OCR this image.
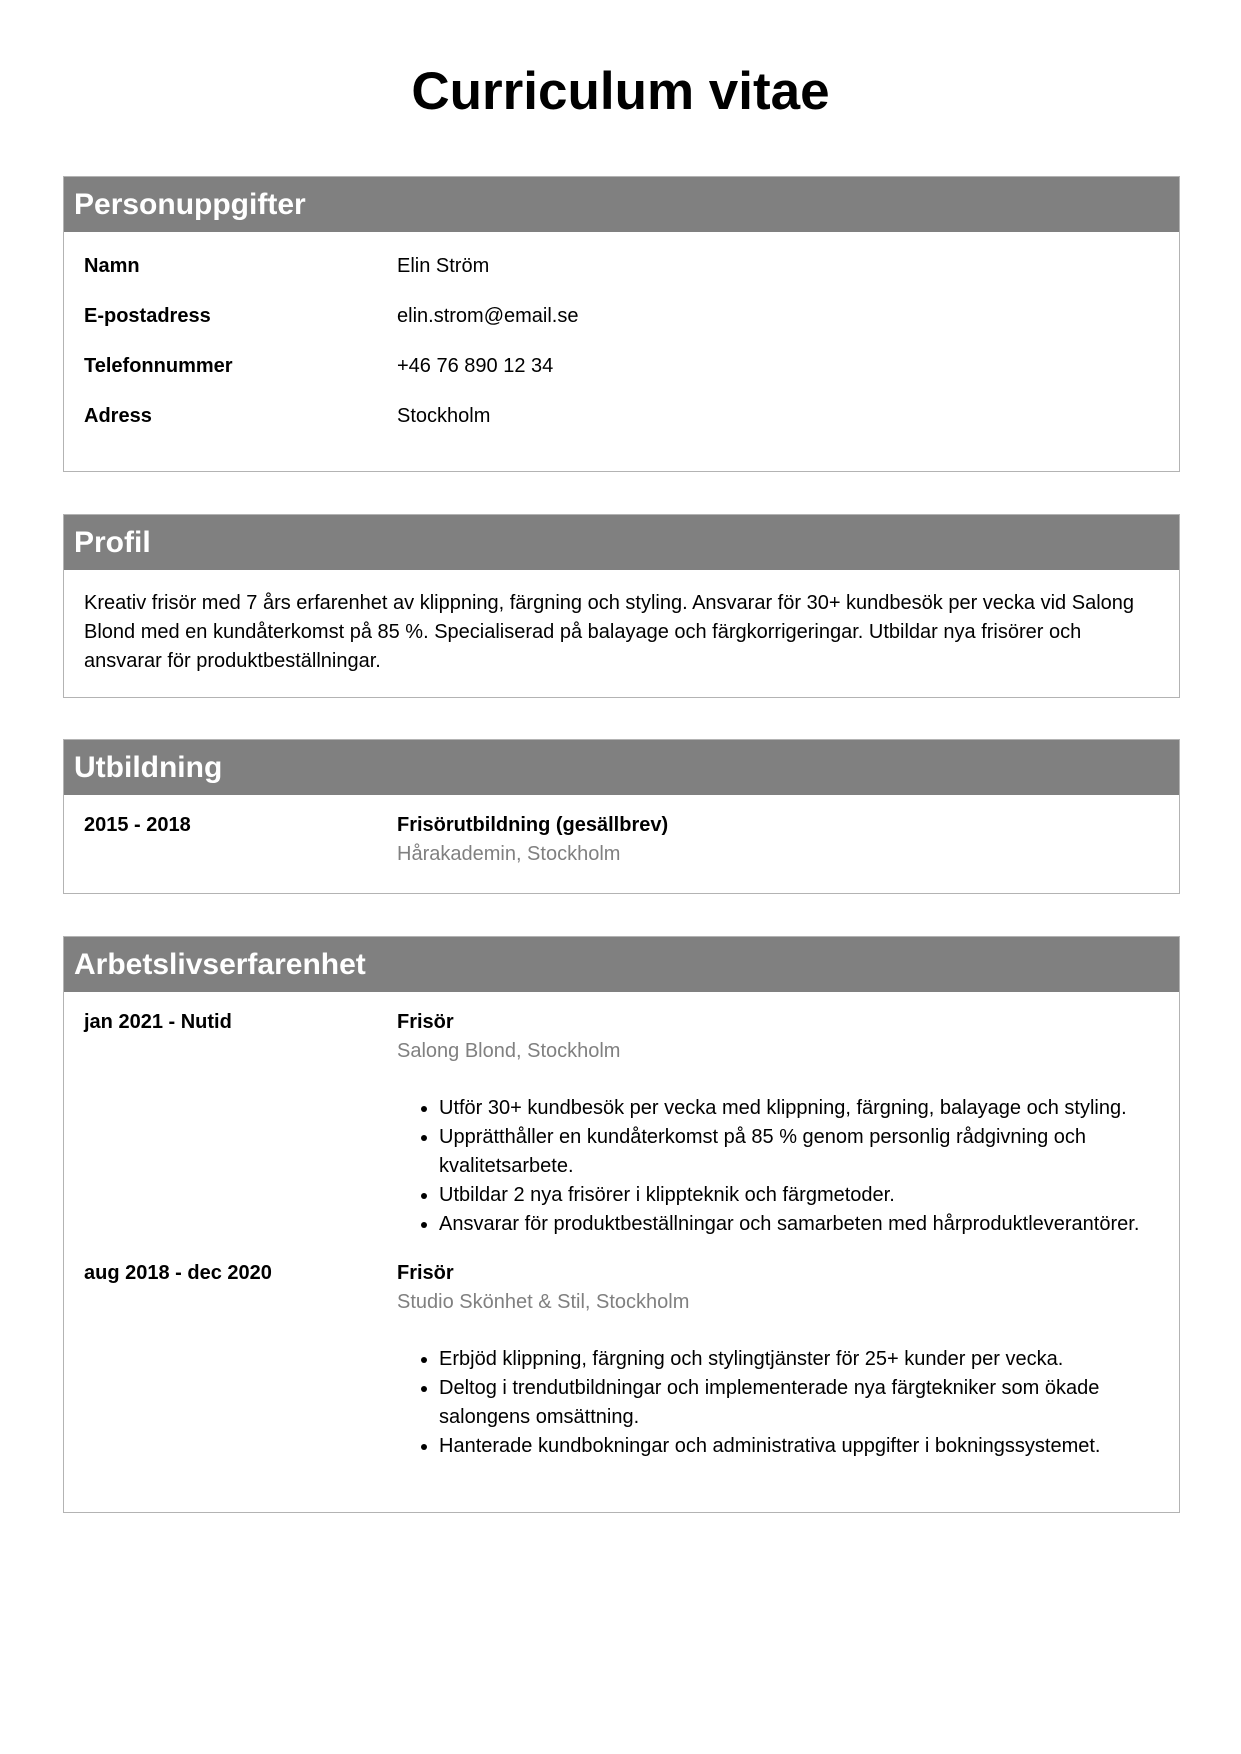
Curriculum vitae
Personuppgifter
Namn	Elin Ström
E-postadress	elin.strom@email.se
Telefonnummer	+46 76 890 12 34
Adress	Stockholm
Profil
Kreativ frisör med 7 års erfarenhet av klippning, färgning och styling. Ansvarar för 30+ kundbesök per vecka vid Salong Blond med en kundåterkomst på 85 %. Specialiserad på balayage och färgkorrigeringar. Utbildar nya frisörer och ansvarar för produktbeställningar.
Utbildning
2015 - 2018	Frisörutbildning (gesällbrev)
Hårakademin, Stockholm
Arbetslivserfarenhet
jan 2021 - Nutid	Frisör
Salong Blond, Stockholm
• Utför 30+ kundbesök per vecka med klippning, färgning, balayage och styling.
• Upprätthåller en kundåterkomst på 85 % genom personlig rådgivning och kvalitetsarbete.
• Utbildar 2 nya frisörer i klippteknik och färgmetoder.
• Ansvarar för produktbeställningar och samarbeten med hårproduktleverantörer.
aug 2018 - dec 2020	Frisör
Studio Skönhet & Stil, Stockholm
• Erbjöd klippning, färgning och stylingtjänster för 25+ kunder per vecka.
• Deltog i trendutbildningar och implementerade nya färgtekniker som ökade salongens omsättning.
• Hanterade kundbokningar och administrativa uppgifter i bokningssystemet.
